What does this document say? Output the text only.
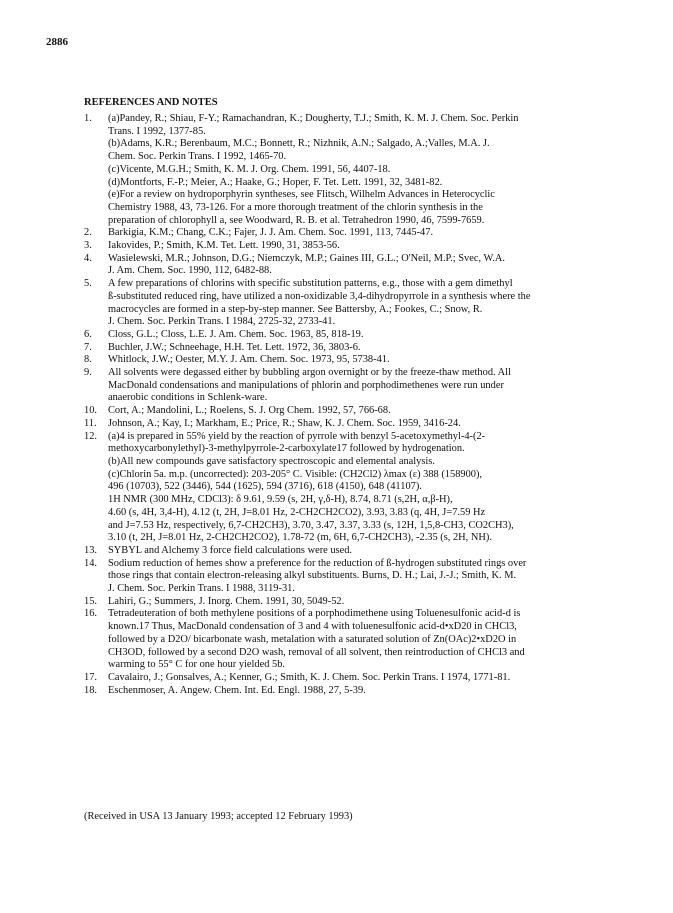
2886
REFERENCES AND NOTES
1.	(a)Pandey, R.; Shiau, F-Y.; Ramachandran, K.; Dougherty, T.J.; Smith, K. M. J. Chem. Soc. Perkin
Trans. I 1992, 1377-85.
(b)Adams, K.R.; Berenbaum, M.C.; Bonnett, R.; Nizhnik, A.N.; Salgado, A.;Valles, M.A. J.
Chem. Soc. Perkin Trans. I 1992, 1465-70.
(c)Vicente, M.G.H.; Smith, K. M. J. Org. Chem. 1991, 56, 4407-18.
(d)Montforts, F.-P.; Meier, A.; Haake, G.; Hoper, F. Tet. Lett. 1991, 32, 3481-82.
(e)For a review on hydroporphyrin syntheses, see Flitsch, Wilhelm Advances in Heterocyclic
Chemistry 1988, 43, 73-126. For a more thorough treatment of the chlorin synthesis in the
preparation of chlorophyll a, see Woodward, R. B. et al. Tetrahedron 1990, 46, 7599-7659.
2.	Barkigia, K.M.; Chang, C.K.; Fajer, J. J. Am. Chem. Soc. 1991, 113, 7445-47.
3.	Iakovides, P.; Smith, K.M. Tet. Lett. 1990, 31, 3853-56.
4.	Wasielewski, M.R.; Johnson, D.G.; Niemczyk, M.P.; Gaines III, G.L.; O'Neil, M.P.; Svec, W.A.
J. Am. Chem. Soc. 1990, 112, 6482-88.
5.	A few preparations of chlorins with specific substitution patterns, e.g., those with a gem dimethyl
ß-substituted reduced ring, have utilized a non-oxidizable 3,4-dihydropyrrole in a synthesis where the
macrocycles are formed in a step-by-step manner. See Battersby, A.; Fookes, C.; Snow, R.
J. Chem. Soc. Perkin Trans. I 1984, 2725-32, 2733-41.
6.	Closs, G.L.; Closs, L.E. J. Am. Chem. Soc. 1963, 85, 818-19.
7.	Buchler, J.W.; Schneehage, H.H. Tet. Lett. 1972, 36, 3803-6.
8.	Whitlock, J.W.; Oester, M.Y. J. Am. Chem. Soc. 1973, 95, 5738-41.
9.	All solvents were degassed either by bubbling argon overnight or by the freeze-thaw method. All
MacDonald condensations and manipulations of phlorin and porphodimethenes were run under
anaerobic conditions in Schlenk-ware.
10.	Cort, A.; Mandolini, L.; Roelens, S. J. Org Chem. 1992, 57, 766-68.
11.	Johnson, A.; Kay, I.; Markham, E.; Price, R.; Shaw, K. J. Chem. Soc. 1959, 3416-24.
12.	(a)4 is prepared in 55% yield by the reaction of pyrrole with benzyl 5-acetoxymethyl-4-(2-
methoxycarbonylethyl)-3-methylpyrrole-2-carboxylate17 followed by hydrogenation.
(b)All new compounds gave satisfactory spectroscopic and elemental analysis.
(c)Chlorin 5a. m.p. (uncorrected): 203-205° C. Visible: (CH2Cl2) λmax (ε) 388 (158900),
496 (10703), 522 (3446), 544 (1625), 594 (3716), 618 (4150), 648 (41107).
1H NMR (300 MHz, CDCl3): δ 9.61, 9.59 (s, 2H, γ,δ-H), 8.74, 8.71 (s,2H, α,β-H),
4.60 (s, 4H, 3,4-H), 4.12 (t, 2H, J=8.01 Hz, 2-CH2CH2CO2), 3.93, 3.83 (q, 4H, J=7.59 Hz
and J=7.53 Hz, respectively, 6,7-CH2CH3), 3.70, 3.47, 3.37, 3.33 (s, 12H, 1,5,8-CH3, CO2CH3),
3.10 (t, 2H, J=8.01 Hz, 2-CH2CH2CO2), 1.78-72 (m, 6H, 6,7-CH2CH3), -2.35 (s, 2H, NH).
13.	SYBYL and Alchemy 3 force field calculations were used.
14.	Sodium reduction of hemes show a preference for the reduction of ß-hydrogen substituted rings over
those rings that contain electron-releasing alkyl substituents. Burns, D. H.; Lai, J.-J.; Smith, K. M.
J. Chem. Soc. Perkin Trans. I 1988, 3119-31.
15.	Lahiri, G.; Summers, J. Inorg. Chem. 1991, 30, 5049-52.
16.	Tetradeuteration of both methylene positions of a porphodimethene using Toluenesulfonic acid-d is
known.17 Thus, MacDonald condensation of 3 and 4 with toluenesulfonic acid-d•xD20 in CHCl3,
followed by a D2O/ bicarbonate wash, metalation with a saturated solution of Zn(OAc)2•xD2O in
CH3OD, followed by a second D2O wash, removal of all solvent, then reintroduction of CHCl3 and
warming to 55° C for one hour yielded 5b.
17.	Cavalairo, J.; Gonsalves, A.; Kenner, G.; Smith, K. J. Chem. Soc. Perkin Trans. I 1974, 1771-81.
18.	Eschenmoser, A. Angew. Chem. Int. Ed. Engl. 1988, 27, 5-39.
(Received in USA 13 January 1993; accepted 12 February 1993)
